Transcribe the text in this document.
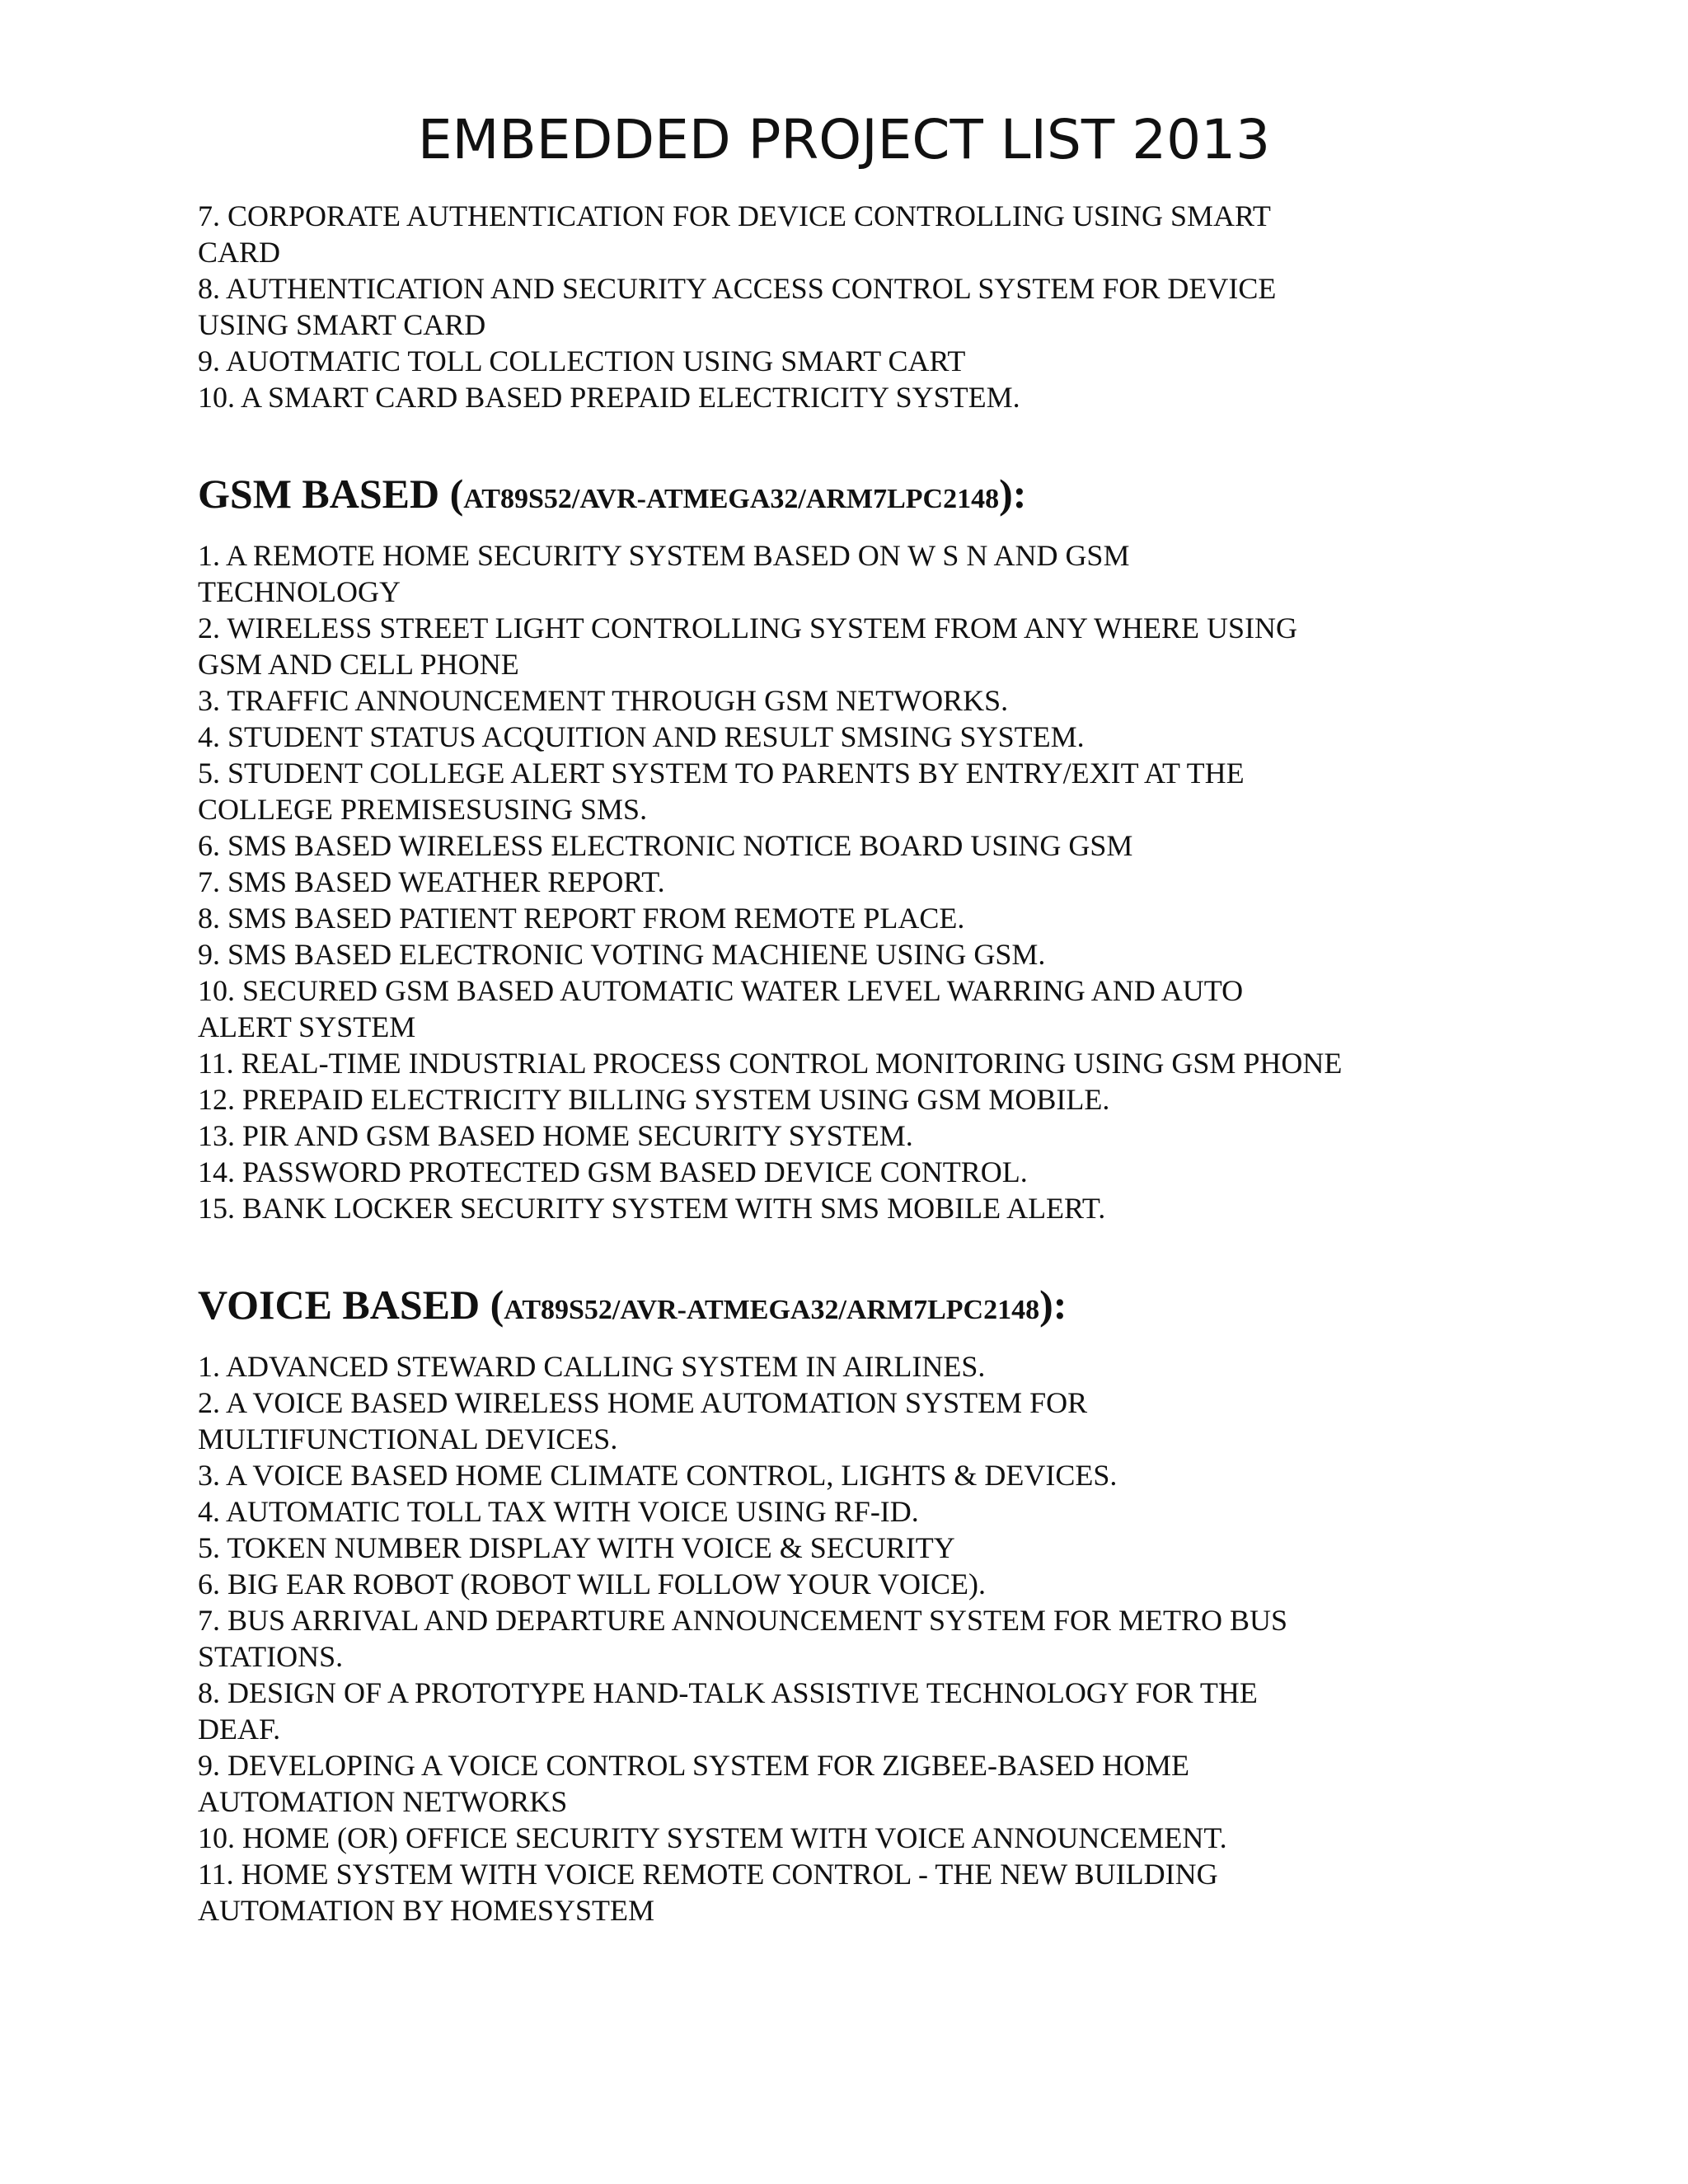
EMBEDDED PROJECT LIST 2013
7. CORPORATE AUTHENTICATION FOR DEVICE CONTROLLING USING SMART
CARD
8. AUTHENTICATION AND SECURITY ACCESS CONTROL SYSTEM FOR DEVICE
USING SMART CARD
9. AUOTMATIC TOLL COLLECTION USING SMART CART
10. A SMART CARD BASED PREPAID ELECTRICITY SYSTEM.
GSM BASED (AT89S52/AVR-ATMEGA32/ARM7LPC2148):
1. A REMOTE HOME SECURITY SYSTEM BASED ON W S N AND GSM
TECHNOLOGY
2. WIRELESS STREET LIGHT CONTROLLING SYSTEM FROM ANY WHERE USING
GSM AND CELL PHONE
3. TRAFFIC ANNOUNCEMENT THROUGH GSM NETWORKS.
4. STUDENT STATUS ACQUITION AND RESULT SMSING SYSTEM.
5. STUDENT COLLEGE ALERT SYSTEM TO PARENTS BY ENTRY/EXIT AT THE
COLLEGE PREMISESUSING SMS.
6. SMS BASED WIRELESS ELECTRONIC NOTICE BOARD USING GSM
7. SMS BASED WEATHER REPORT.
8. SMS BASED PATIENT REPORT FROM REMOTE PLACE.
9. SMS BASED ELECTRONIC VOTING MACHIENE USING GSM.
10. SECURED GSM BASED AUTOMATIC WATER LEVEL WARRING AND AUTO
ALERT SYSTEM
11. REAL-TIME INDUSTRIAL PROCESS CONTROL MONITORING USING GSM PHONE
12. PREPAID ELECTRICITY BILLING SYSTEM USING GSM MOBILE.
13. PIR AND GSM BASED HOME SECURITY SYSTEM.
14. PASSWORD PROTECTED GSM BASED DEVICE CONTROL.
15. BANK LOCKER SECURITY SYSTEM WITH SMS MOBILE ALERT.
VOICE BASED (AT89S52/AVR-ATMEGA32/ARM7LPC2148):
1. ADVANCED STEWARD CALLING SYSTEM IN AIRLINES.
2. A VOICE BASED WIRELESS HOME AUTOMATION SYSTEM FOR
MULTIFUNCTIONAL DEVICES.
3. A VOICE BASED HOME CLIMATE CONTROL, LIGHTS & DEVICES.
4. AUTOMATIC TOLL TAX WITH VOICE USING RF-ID.
5. TOKEN NUMBER DISPLAY WITH VOICE & SECURITY
6. BIG EAR ROBOT (ROBOT WILL FOLLOW YOUR VOICE).
7. BUS ARRIVAL AND DEPARTURE ANNOUNCEMENT SYSTEM FOR METRO BUS
STATIONS.
8. DESIGN OF A PROTOTYPE HAND-TALK ASSISTIVE TECHNOLOGY FOR THE
DEAF.
9. DEVELOPING A VOICE CONTROL SYSTEM FOR ZIGBEE-BASED HOME
AUTOMATION NETWORKS
10. HOME (OR) OFFICE SECURITY SYSTEM WITH VOICE ANNOUNCEMENT.
11. HOME SYSTEM WITH VOICE REMOTE CONTROL - THE NEW BUILDING
AUTOMATION BY HOMESYSTEM
